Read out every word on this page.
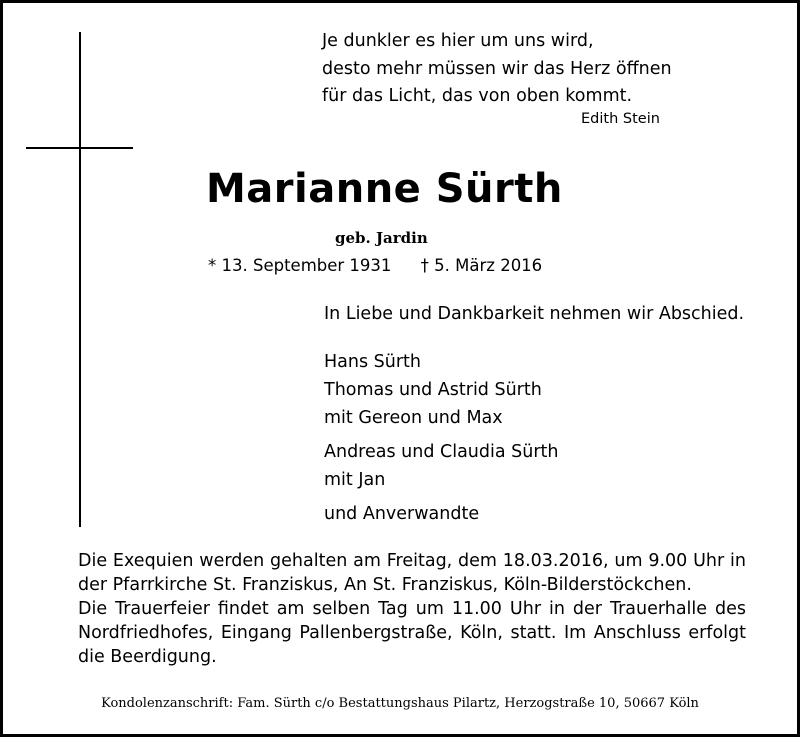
Je dunkler es hier um uns wird,
desto mehr müssen wir das Herz öffnen
für das Licht, das von oben kommt.
Edith Stein
Marianne Sürth
geb. Jardin
* 13. September 1931 † 5. März 2016
In Liebe und Dankbarkeit nehmen wir Abschied.
Hans Sürth
Thomas und Astrid Sürth
mit Gereon und Max
Andreas und Claudia Sürth
mit Jan
und Anverwandte
Die Exequien werden gehalten am Freitag, dem 18.03.2016, um 9.00 Uhr in der Pfarrkirche St. Franziskus, An St. Franziskus, Köln-Bilderstöckchen.
Die Trauerfeier findet am selben Tag um 11.00 Uhr in der Trauerhalle des Nordfriedhofes, Eingang Pallenbergstraße, Köln, statt. Im Anschluss erfolgt die Beerdigung.
Kondolenzanschrift: Fam. Sürth c/o Bestattungshaus Pilartz, Herzogstraße 10, 50667 Köln
